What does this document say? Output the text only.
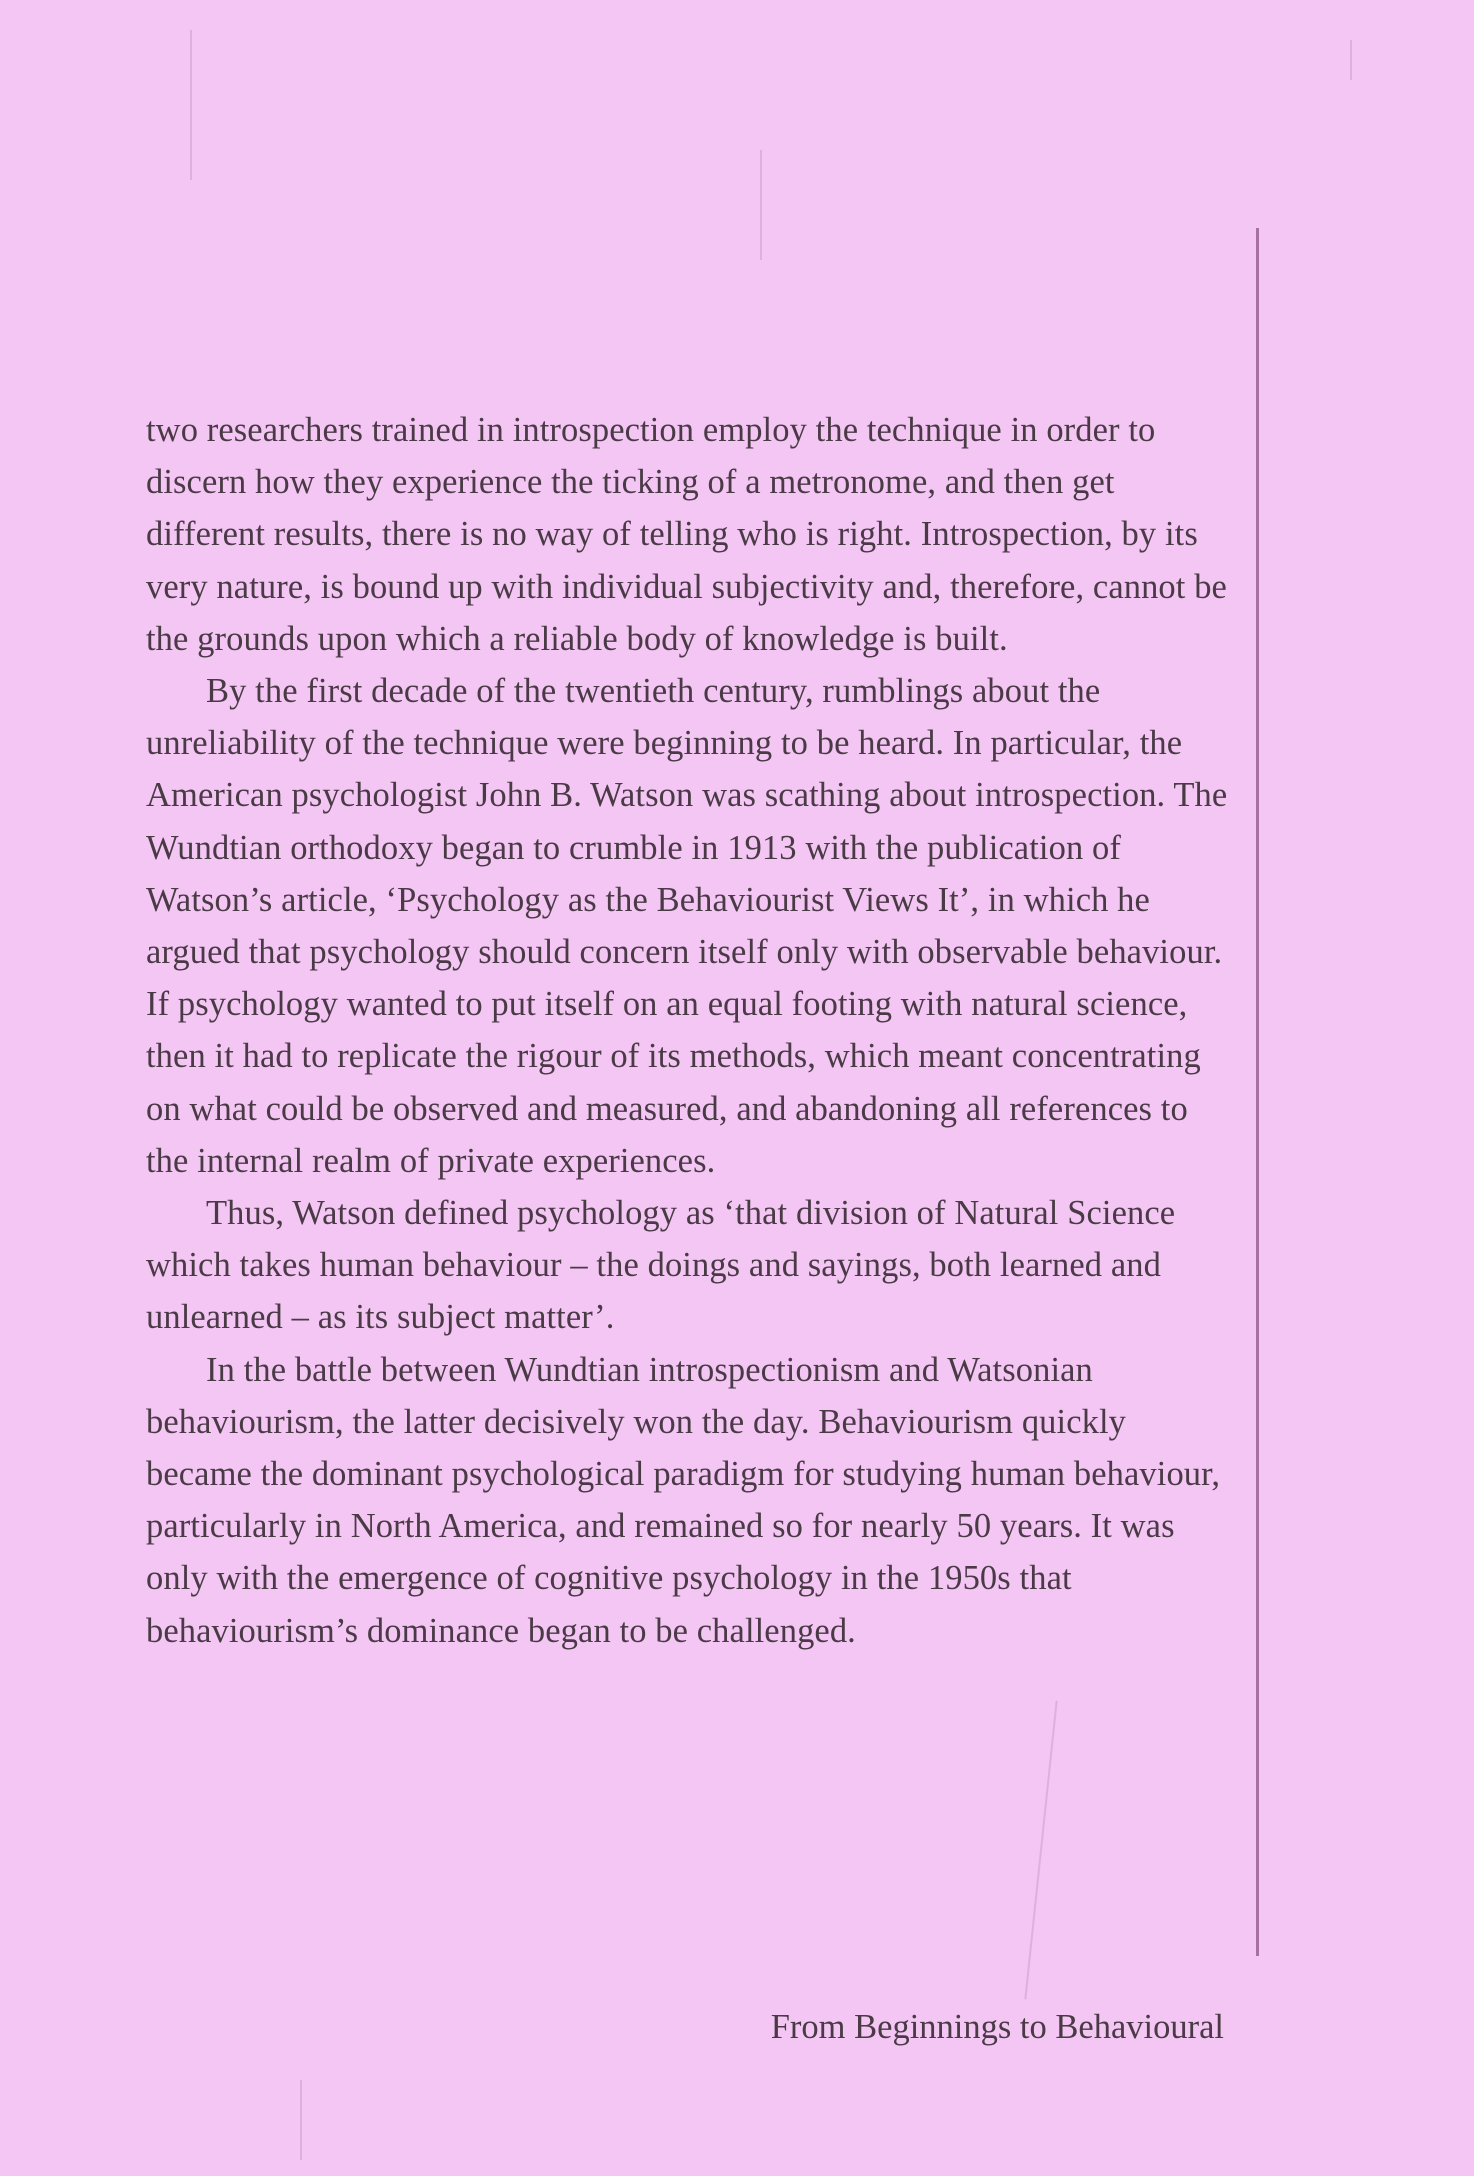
two researchers trained in introspection employ the technique in order to discern how they experience the ticking of a metronome, and then get different results, there is no way of telling who is right. Introspection, by its very nature, is bound up with individual subjectivity and, therefore, cannot be the grounds upon which a reliable body of knowledge is built.

By the first decade of the twentieth century, rumblings about the unreliability of the technique were beginning to be heard. In particular, the American psychologist John B. Watson was scathing about introspection. The Wundtian orthodoxy began to crumble in 1913 with the publication of Watson’s article, ‘Psychology as the Behaviourist Views It’, in which he argued that psychology should concern itself only with observable behaviour. If psychology wanted to put itself on an equal footing with natural science, then it had to replicate the rigour of its methods, which meant concentrating on what could be observed and measured, and abandoning all references to the internal realm of private experiences.

Thus, Watson defined psychology as ‘that division of Natural Science which takes human behaviour – the doings and sayings, both learned and unlearned – as its subject matter’.

In the battle between Wundtian introspectionism and Watsonian behaviourism, the latter decisively won the day. Behaviourism quickly became the dominant psychological paradigm for studying human behaviour, particularly in North America, and remained so for nearly 50 years. It was only with the emergence of cognitive psychology in the 1950s that behaviourism’s dominance began to be challenged.

From Beginnings to Behavioural
